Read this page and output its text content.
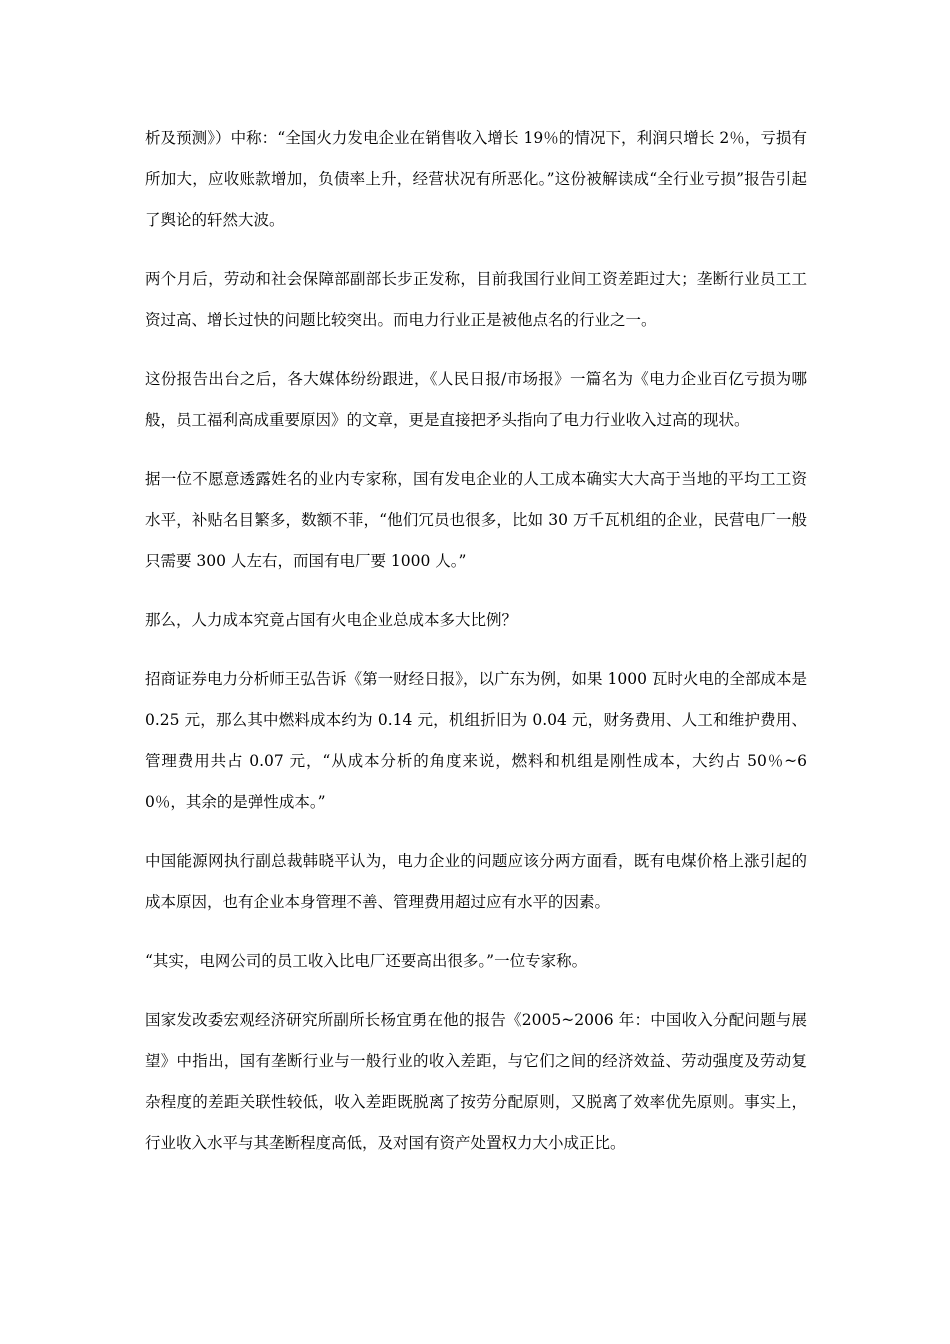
析及预测》）中称：“全国火力发电企业在销售收入增长 19％的情况下，利润只增长 2％，亏损有所加大，应收账款增加，负债率上升，经营状况有所恶化。”这份被解读成“全行业亏损”报告引起了舆论的轩然大波。

两个月后，劳动和社会保障部副部长步正发称，目前我国行业间工资差距过大；垄断行业员工工资过高、增长过快的问题比较突出。而电力行业正是被他点名的行业之一。

这份报告出台之后，各大媒体纷纷跟进，《人民日报/市场报》一篇名为《电力企业百亿亏损为哪般，员工福利高成重要原因》的文章，更是直接把矛头指向了电力行业收入过高的现状。

据一位不愿意透露姓名的业内专家称，国有发电企业的人工成本确实大大高于当地的平均工工资水平，补贴名目繁多，数额不菲，“他们冗员也很多，比如 30 万千瓦机组的企业，民营电厂一般只需要 300 人左右，而国有电厂要 1000 人。”

那么，人力成本究竟占国有火电企业总成本多大比例？

招商证券电力分析师王弘告诉《第一财经日报》，以广东为例，如果 1000 瓦时火电的全部成本是 0.25 元，那么其中燃料成本约为 0.14 元，机组折旧为 0.04 元，财务费用、人工和维护费用、管理费用共占 0.07 元，“从成本分析的角度来说，燃料和机组是刚性成本，大约占 50％~60％，其余的是弹性成本。”

中国能源网执行副总裁韩晓平认为，电力企业的问题应该分两方面看，既有电煤价格上涨引起的成本原因，也有企业本身管理不善、管理费用超过应有水平的因素。

“其实，电网公司的员工收入比电厂还要高出很多。”一位专家称。

国家发改委宏观经济研究所副所长杨宜勇在他的报告《2005~2006 年：中国收入分配问题与展望》中指出，国有垄断行业与一般行业的收入差距，与它们之间的经济效益、劳动强度及劳动复杂程度的差距关联性较低，收入差距既脱离了按劳分配原则，又脱离了效率优先原则。事实上，行业收入水平与其垄断程度高低，及对国有资产处置权力大小成正比。
